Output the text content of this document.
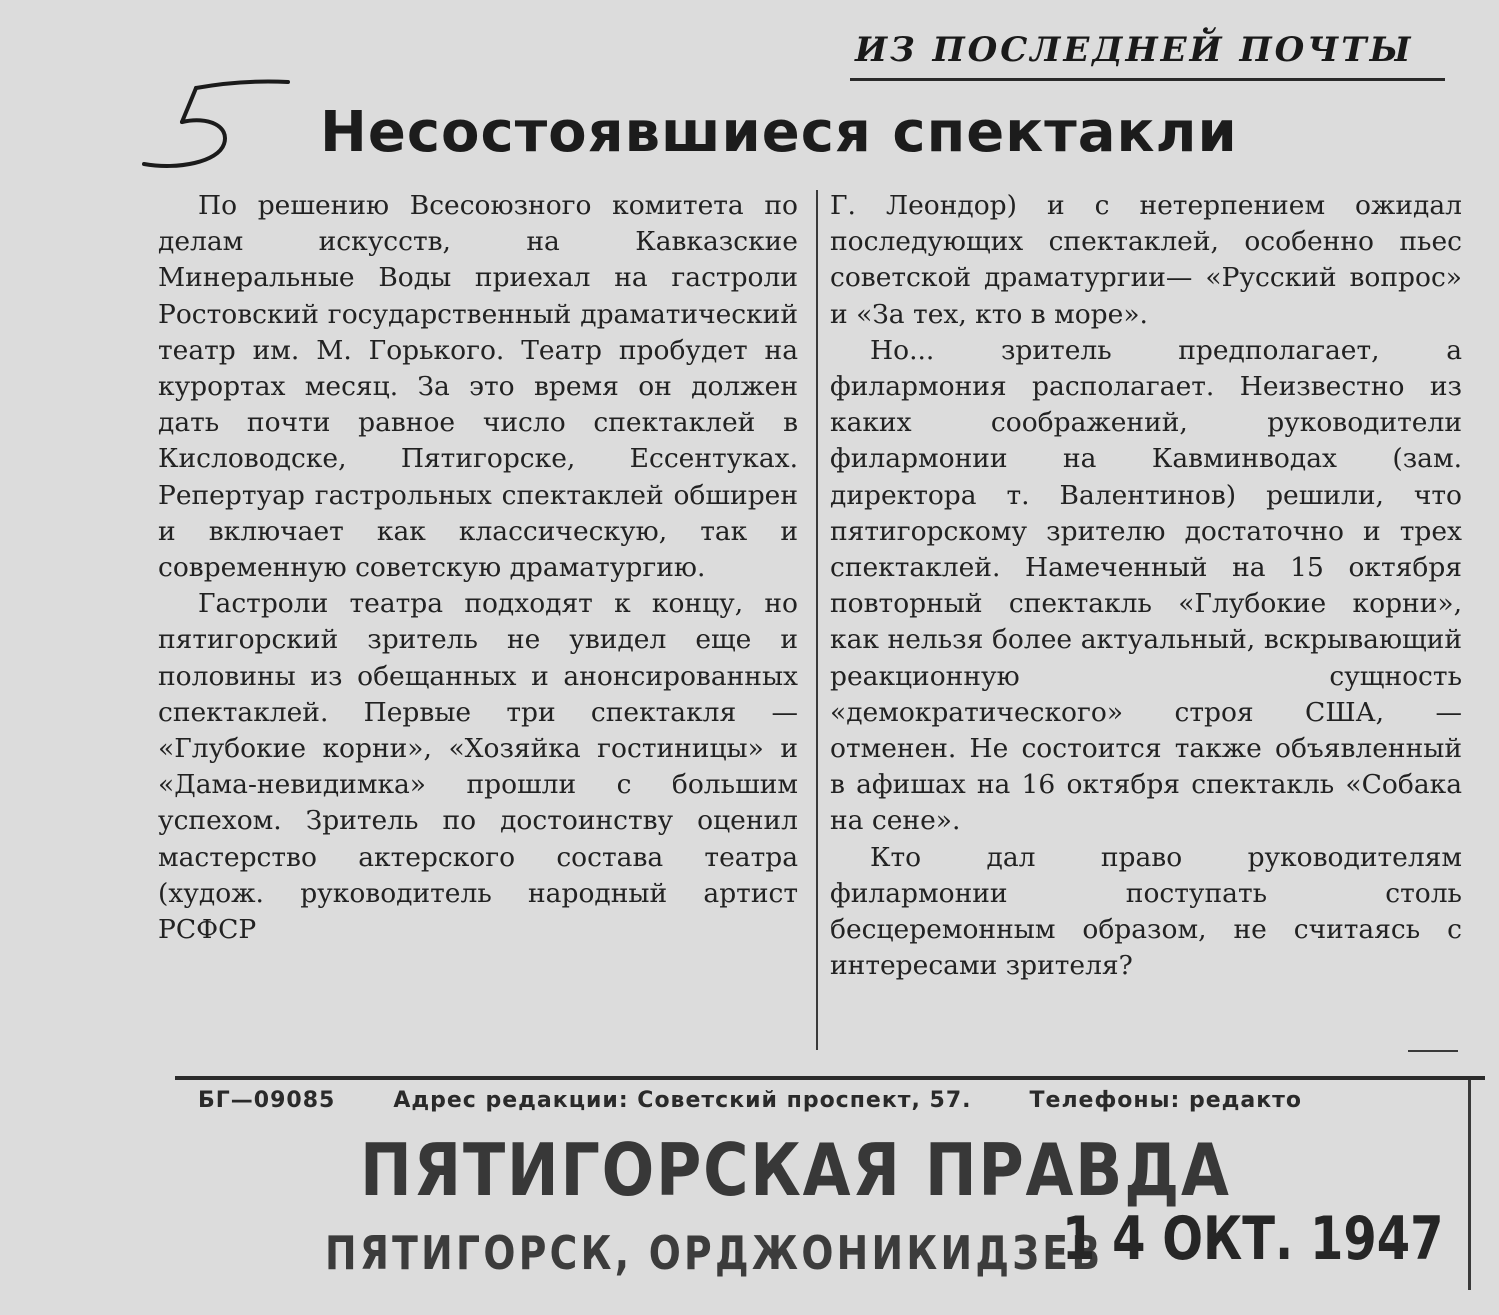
ИЗ ПОСЛЕДНЕЙ ПОЧТЫ
Несостоявшиеся спектакли

По решению Всесоюзного комитета по делам искусств, на Кавказские Минеральные Воды приехал на гастроли Ростовский государственный драматический театр им. М. Горького. Театр пробудет на курортах месяц. За это время он должен дать почти равное число спектаклей в Кисловодске, Пятигорске, Ессентуках. Репертуар гастрольных спектаклей обширен и включает как классическую, так и современную советскую драматургию.

Гастроли театра подходят к концу, но пятигорский зритель не увидел еще и половины из обещанных и анонсированных спектаклей. Первые три спектакля — «Глубокие корни», «Хозяйка гостиницы» и «Дама-невидимка» прошли с большим успехом. Зритель по достоинству оценил мастерство актерского состава театра (худож. руководитель народный артист РСФСР

Г. Леондор) и с нетерпением ожидал последующих спектаклей, особенно пьес советской драматургии— «Русский вопрос» и «За тех, кто в море».

Но... зритель предполагает, а филармония располагает. Неизвестно из каких соображений, руководители филармонии на Кавминводах (зам. директора т. Валентинов) решили, что пятигорскому зрителю достаточно и трех спектаклей. Намеченный на 15 октября повторный спектакль «Глубокие корни», как нельзя более актуальный, вскрывающий реакционную сущность «демократического» строя США, — отменен. Не состоится также объявленный в афишах на 16 октября спектакль «Собака на сене».

Кто дал право руководителям филармонии поступать столь бесцеремонным образом, не считаясь с интересами зрителя?

БГ—09085	Адрес редакции: Советский проспект, 57.	Телефоны: редакто
ПЯТИГОРСКАЯ ПРАВДА
ПЯТИГОРСК, ОРДЖОНИКИДЗЕВ
1 4 ОКТ. 1947
